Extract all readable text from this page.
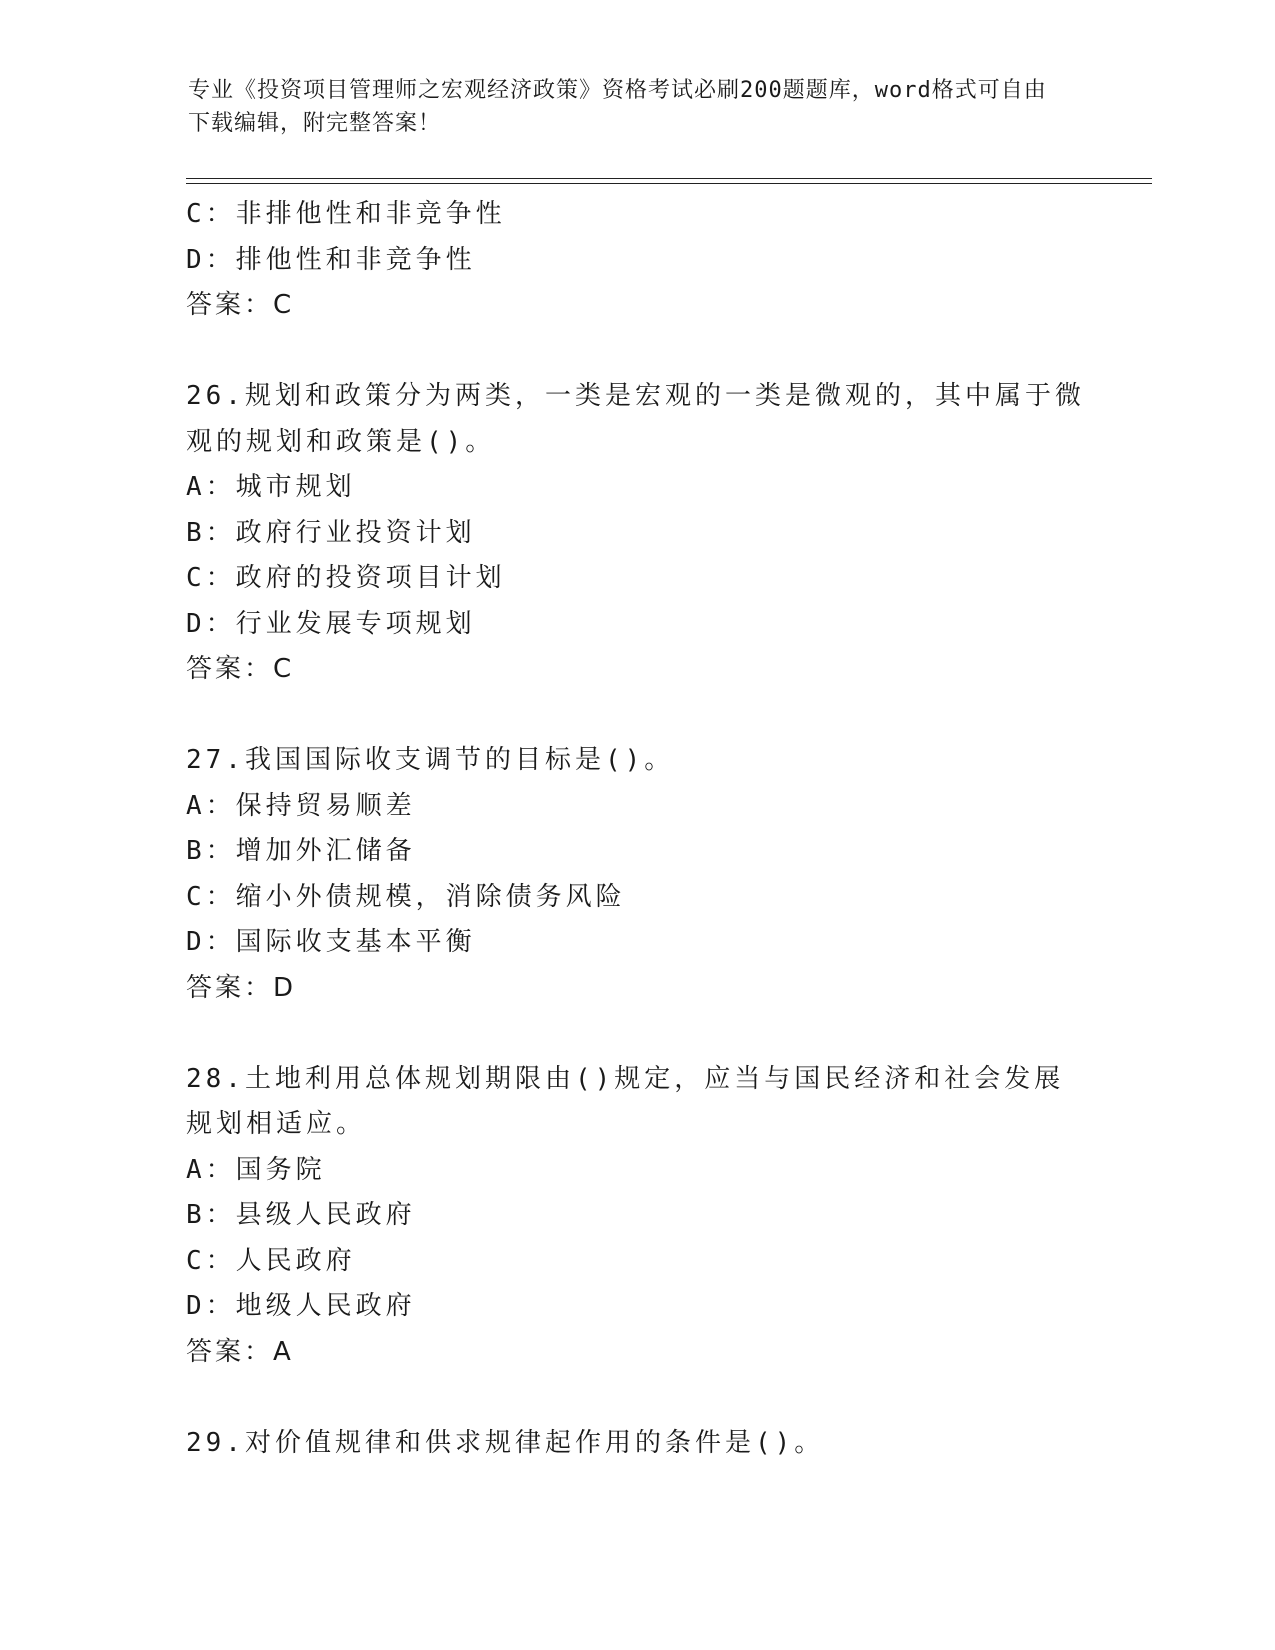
专业《投资项目管理师之宏观经济政策》资格考试必刷200题题库，word格式可自由下载编辑，附完整答案！
C：非排他性和非竞争性
D：排他性和非竞争性
答案：C
26.规划和政策分为两类，一类是宏观的一类是微观的，其中属于微观的规划和政策是()。
A：城市规划
B：政府行业投资计划
C：政府的投资项目计划
D：行业发展专项规划
答案：C
27.我国国际收支调节的目标是()。
A：保持贸易顺差
B：增加外汇储备
C：缩小外债规模，消除债务风险
D：国际收支基本平衡
答案：D
28.土地利用总体规划期限由()规定，应当与国民经济和社会发展规划相适应。
A：国务院
B：县级人民政府
C：人民政府
D：地级人民政府
答案：A
29.对价值规律和供求规律起作用的条件是()。
